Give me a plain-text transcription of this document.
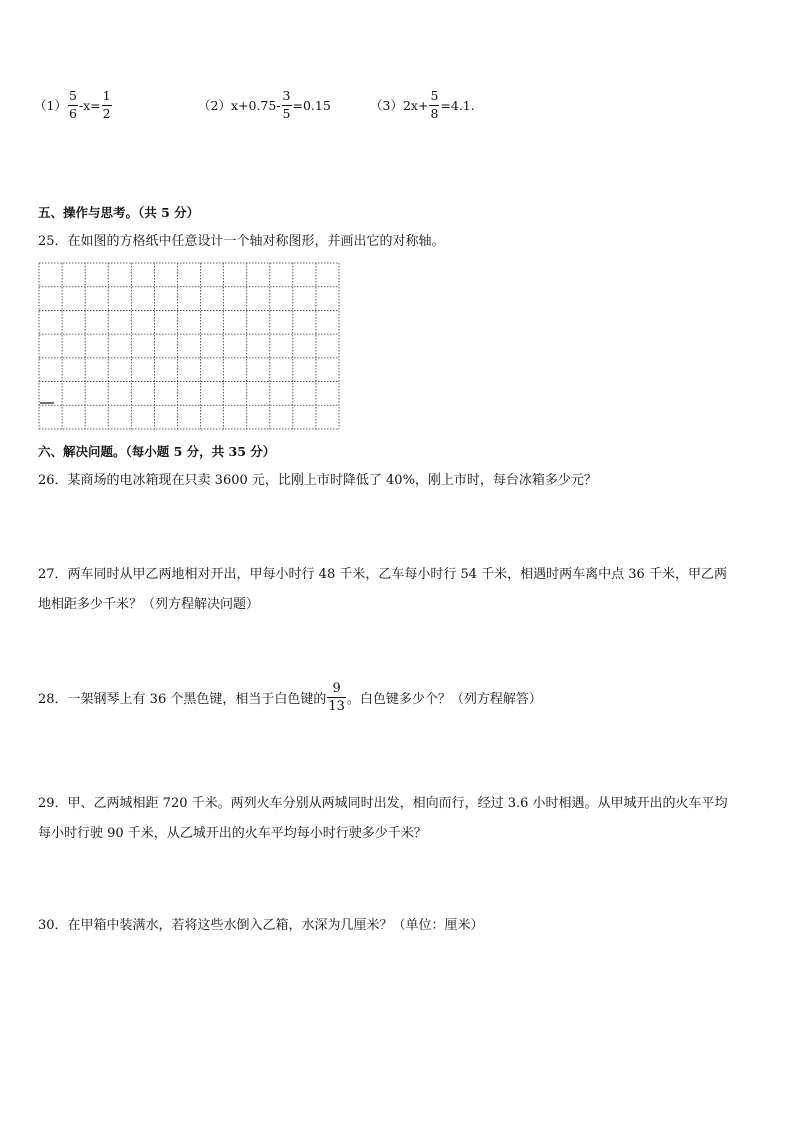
$(1) \frac{5}{6} -x= \frac{1}{2}$	$(2)x+0.75- \frac{3}{5} =0.15$	$(3)2x+ \frac{5}{8} =4.1$.
五、操作与思考。（共 5 分）
25．在如图的方格纸中任意设计一个轴对称图形，并画出它的对称轴。
六、解决问题。（每小题 5 分，共 35 分）
26．某商场的电冰箱现在只卖 3600 元，比刚上市时降低了 40%，刚上市时，每台冰箱多少元？
27．两车同时从甲乙两地相对开出，甲每小时行 48 千米，乙车每小时行 54 千米，相遇时两车离中点 36 千米，甲乙两
地相距多少千米？（列方程解决问题）
28．一架钢琴上有 36 个黑色键，相当于白色键的 $\frac{9}{13}$ 。白色键多少个？（列方程解答）
29．甲、乙两城相距 720 千米。两列火车分别从两城同时出发，相向而行，经过 3.6 小时相遇。从甲城开出的火车平均
每小时行驶 90 千米，从乙城开出的火车平均每小时行驶多少千米？
30．在甲箱中装满水，若将这些水倒入乙箱，水深为几厘米？（单位：厘米）
